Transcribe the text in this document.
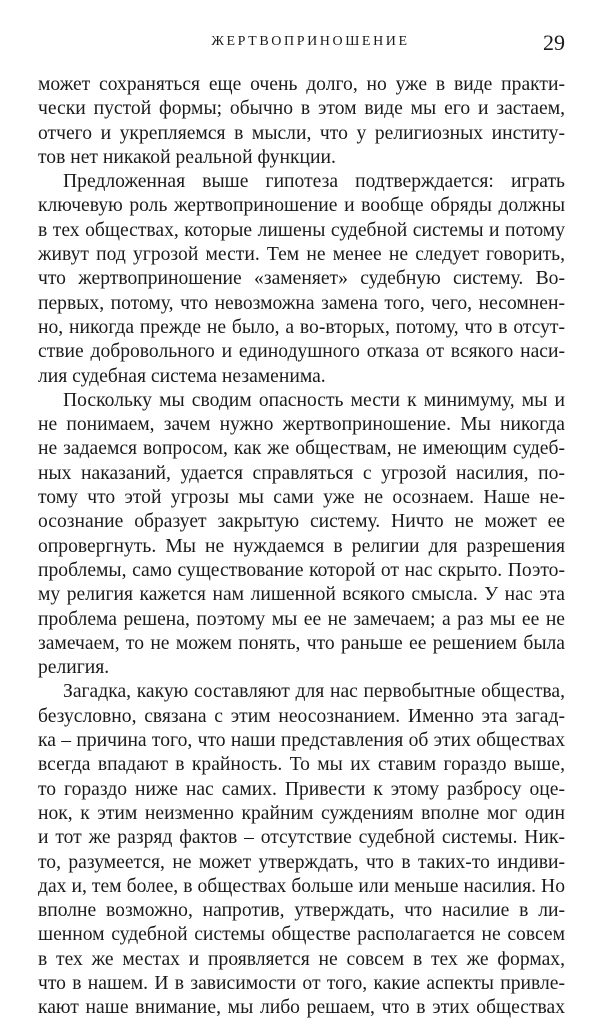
ЖЕРТВОПРИНОШЕНИЕ	29

может сохраняться еще очень долго, но уже в виде практи-
чески пустой формы; обычно в этом виде мы его и застаем,
отчего и укрепляемся в мысли, что у религиозных институ-
тов нет никакой реальной функции.

Предложенная выше гипотеза подтверждается: играть
ключевую роль жертвоприношение и вообще обряды должны
в тех обществах, которые лишены судебной системы и потому
живут под угрозой мести. Тем не менее не следует говорить,
что жертвоприношение «заменяет» судебную систему. Во-
первых, потому, что невозможна замена того, чего, несомнен-
но, никогда прежде не было, а во-вторых, потому, что в отсут-
ствие добровольного и единодушного отказа от всякого наси-
лия судебная система незаменима.

Поскольку мы сводим опасность мести к минимуму, мы и
не понимаем, зачем нужно жертвоприношение. Мы никогда
не задаемся вопросом, как же обществам, не имеющим судеб-
ных наказаний, удается справляться с угрозой насилия, по-
тому что этой угрозы мы сами уже не осознаем. Наше не-
осознание образует закрытую систему. Ничто не может ее
опровергнуть. Мы не нуждаемся в религии для разрешения
проблемы, само существование которой от нас скрыто. Поэто-
му религия кажется нам лишенной всякого смысла. У нас эта
проблема решена, поэтому мы ее не замечаем; а раз мы ее не
замечаем, то не можем понять, что раньше ее решением была
религия.

Загадка, какую составляют для нас первобытные общества,
безусловно, связана с этим неосознанием. Именно эта загад-
ка – причина того, что наши представления об этих обществах
всегда впадают в крайность. То мы их ставим гораздо выше,
то гораздо ниже нас самих. Привести к этому разбросу оце-
нок, к этим неизменно крайним суждениям вполне мог один
и тот же разряд фактов – отсутствие судебной системы. Ник-
то, разумеется, не может утверждать, что в таких-то индиви-
дах и, тем более, в обществах больше или меньше насилия. Но
вполне возможно, напротив, утверждать, что насилие в ли-
шенном судебной системы обществе располагается не совсем
в тех же местах и проявляется не совсем в тех же формах,
что в нашем. И в зависимости от того, какие аспекты привле-
кают наше внимание, мы либо решаем, что в этих обществах
